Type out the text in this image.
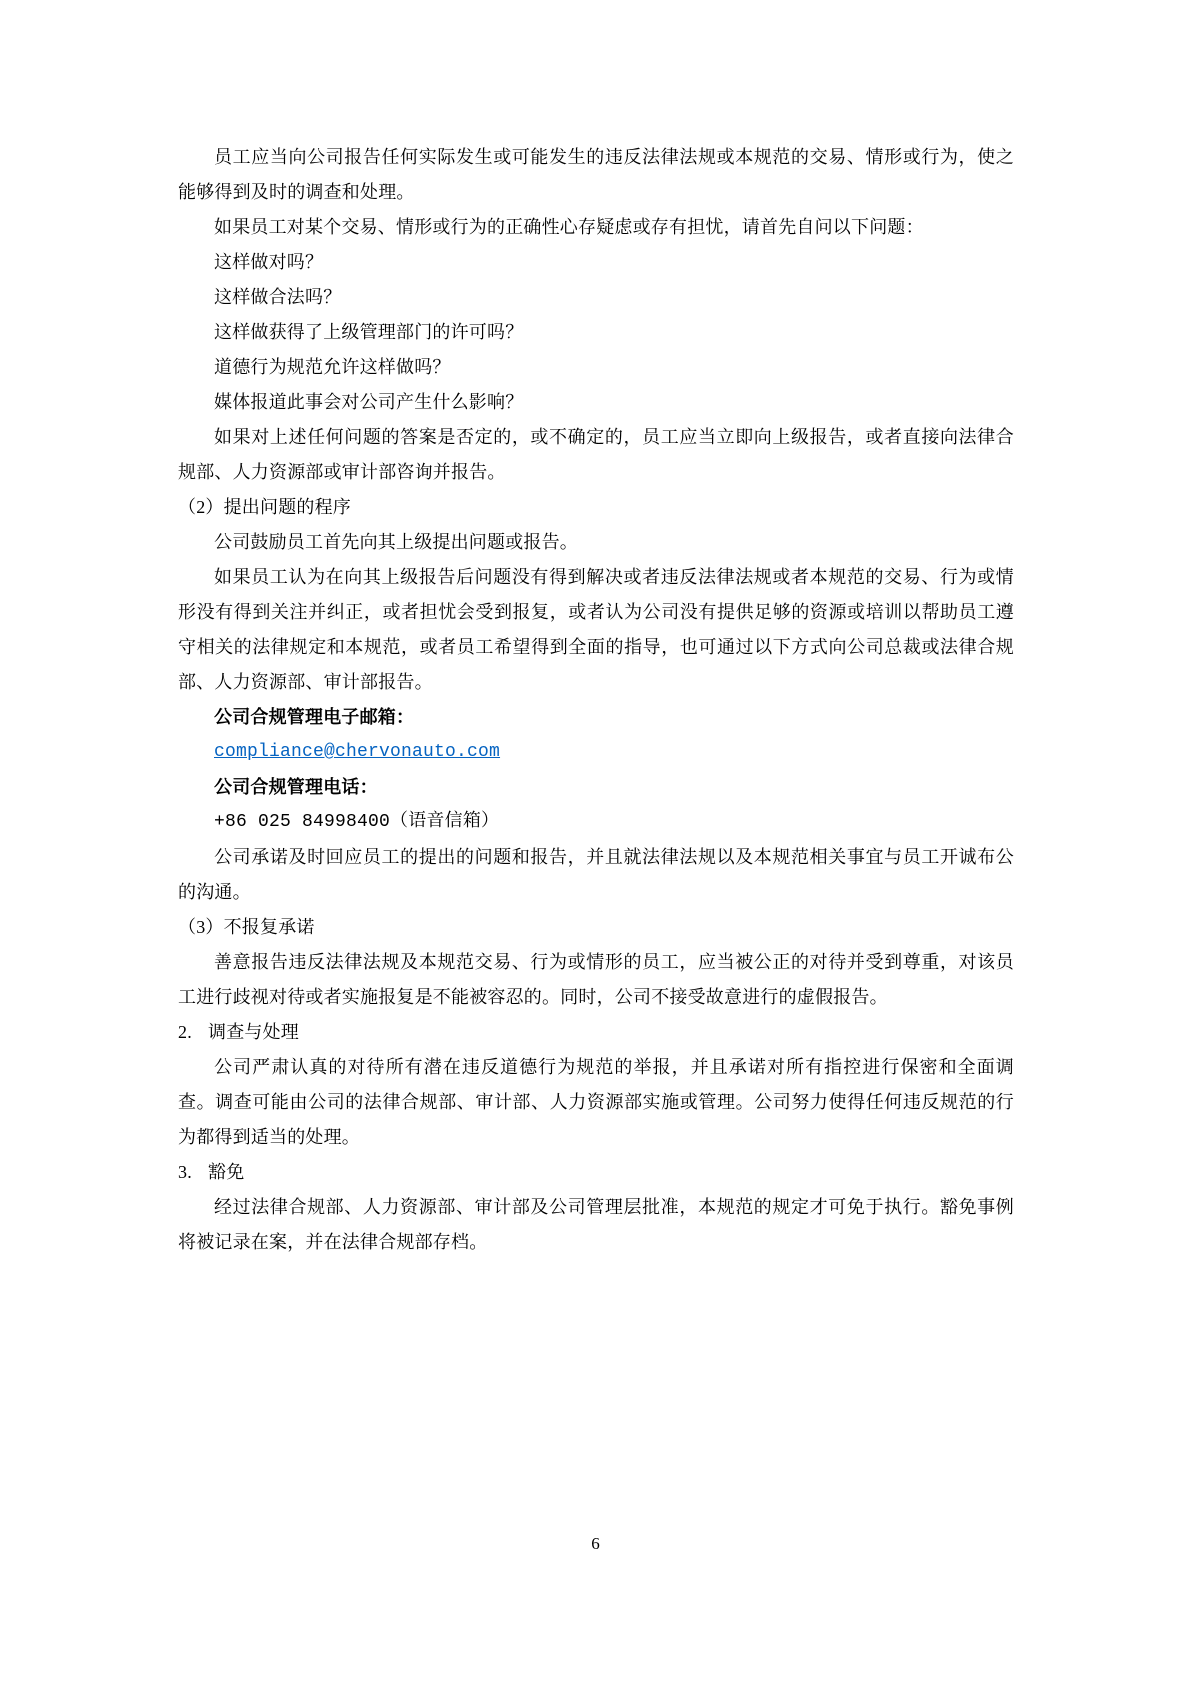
员工应当向公司报告任何实际发生或可能发生的违反法律法规或本规范的交易、情形或行为，使之能够得到及时的调查和处理。

如果员工对某个交易、情形或行为的正确性心存疑虑或存有担忧，请首先自问以下问题：

这样做对吗？

这样做合法吗？

这样做获得了上级管理部门的许可吗？

道德行为规范允许这样做吗？

媒体报道此事会对公司产生什么影响？

如果对上述任何问题的答案是否定的，或不确定的，员工应当立即向上级报告，或者直接向法律合规部、人力资源部或审计部咨询并报告。

（2）提出问题的程序

公司鼓励员工首先向其上级提出问题或报告。

如果员工认为在向其上级报告后问题没有得到解决或者违反法律法规或者本规范的交易、行为或情形没有得到关注并纠正，或者担忧会受到报复，或者认为公司没有提供足够的资源或培训以帮助员工遵守相关的法律规定和本规范，或者员工希望得到全面的指导，也可通过以下方式向公司总裁或法律合规部、人力资源部、审计部报告。

公司合规管理电子邮箱：

compliance@chervonauto.com

公司合规管理电话：

+86 025 84998400（语音信箱）

公司承诺及时回应员工的提出的问题和报告，并且就法律法规以及本规范相关事宜与员工开诚布公的沟通。

（3）不报复承诺

善意报告违反法律法规及本规范交易、行为或情形的员工，应当被公正的对待并受到尊重，对该员工进行歧视对待或者实施报复是不能被容忍的。同时，公司不接受故意进行的虚假报告。

2. 调查与处理

公司严肃认真的对待所有潜在违反道德行为规范的举报，并且承诺对所有指控进行保密和全面调查。调查可能由公司的法律合规部、审计部、人力资源部实施或管理。公司努力使得任何违反规范的行为都得到适当的处理。

3. 豁免

经过法律合规部、人力资源部、审计部及公司管理层批准，本规范的规定才可免于执行。豁免事例将被记录在案，并在法律合规部存档。

6
